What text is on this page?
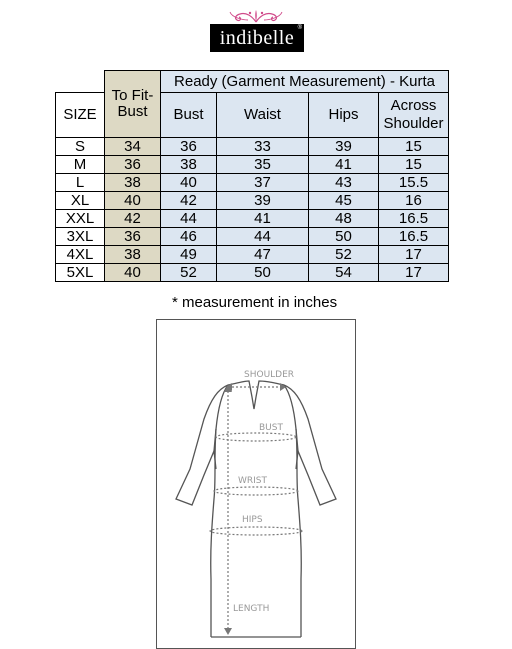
indibelle ®
	To Fit-Bust	Ready (Garment Measurement) - Kurta			
SIZE		Bust	Waist	Hips	Across Shoulder
S	34	36	33	39	15
M	36	38	35	41	15
L	38	40	37	43	15.5
XL	40	42	39	45	16
XXL	42	44	41	48	16.5
3XL	36	46	44	50	16.5
4XL	38	49	47	52	17
5XL	40	52	50	54	17
* measurement in inches
SHOULDER
BUST
WRIST
HIPS
LENGTH
